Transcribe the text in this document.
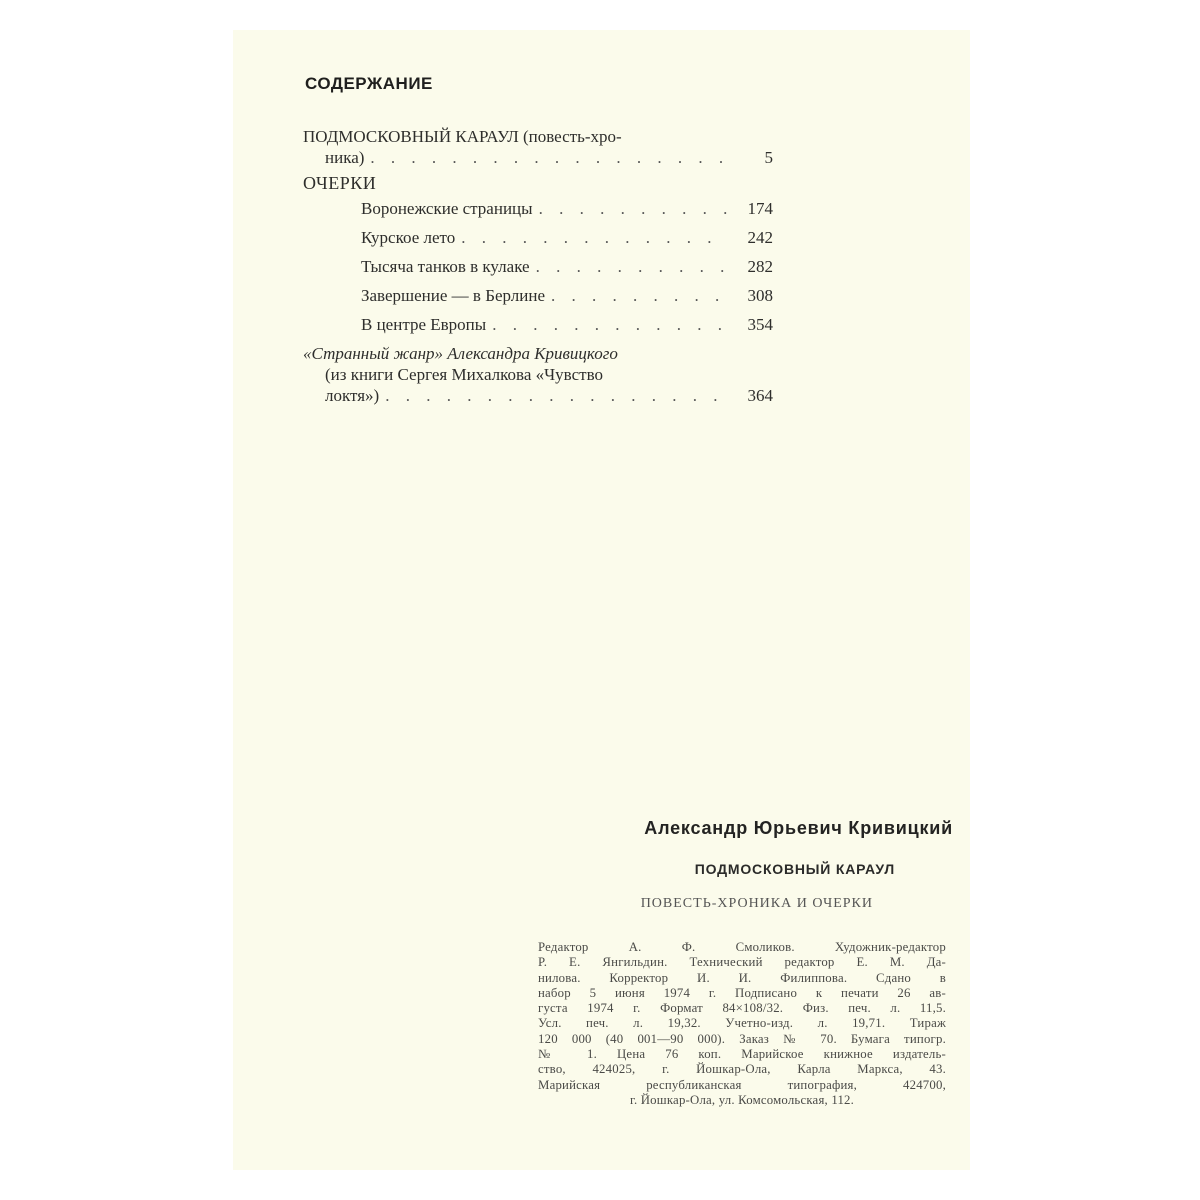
СОДЕРЖАНИЕ
ПОДМОСКОВНЫЙ КАРАУЛ (повесть-хро-
ника) . . .	5
ОЧЕРКИ
Воронежские страницы . . .	174
Курское лето . . .	242
Тысяча танков в кулаке . . .	282
Завершение — в Берлине . . .	308
В центре Европы . . .	354
«Странный жанр» Александра Кривицкого
(из книги Сергея Михалкова «Чувство
локтя») . . .	364
Александр Юрьевич Кривицкий
ПОДМОСКОВНЫЙ КАРАУЛ
ПОВЕСТЬ-ХРОНИКА И ОЧЕРКИ
Редактор А. Ф. Смоликов. Художник-редактор
Р. Е. Янгильдин. Технический редактор Е. М. Да-
нилова. Корректор И. И. Филиппова. Сдано в
набор 5 июня 1974 г. Подписано к печати 26 ав-
густа 1974 г. Формат 84×108/32. Физ. печ. л. 11,5.
Усл. печ. л. 19,32. Учетно-изд. л. 19,71. Тираж
120 000 (40 001—90 000). Заказ № 70. Бумага типогр.
№ 1. Цена 76 коп. Марийское книжное издатель-
ство, 424025, г. Йошкар-Ола, Карла Маркса, 43.
Марийская республиканская типография, 424700,
г. Йошкар-Ола, ул. Комсомольская, 112.
